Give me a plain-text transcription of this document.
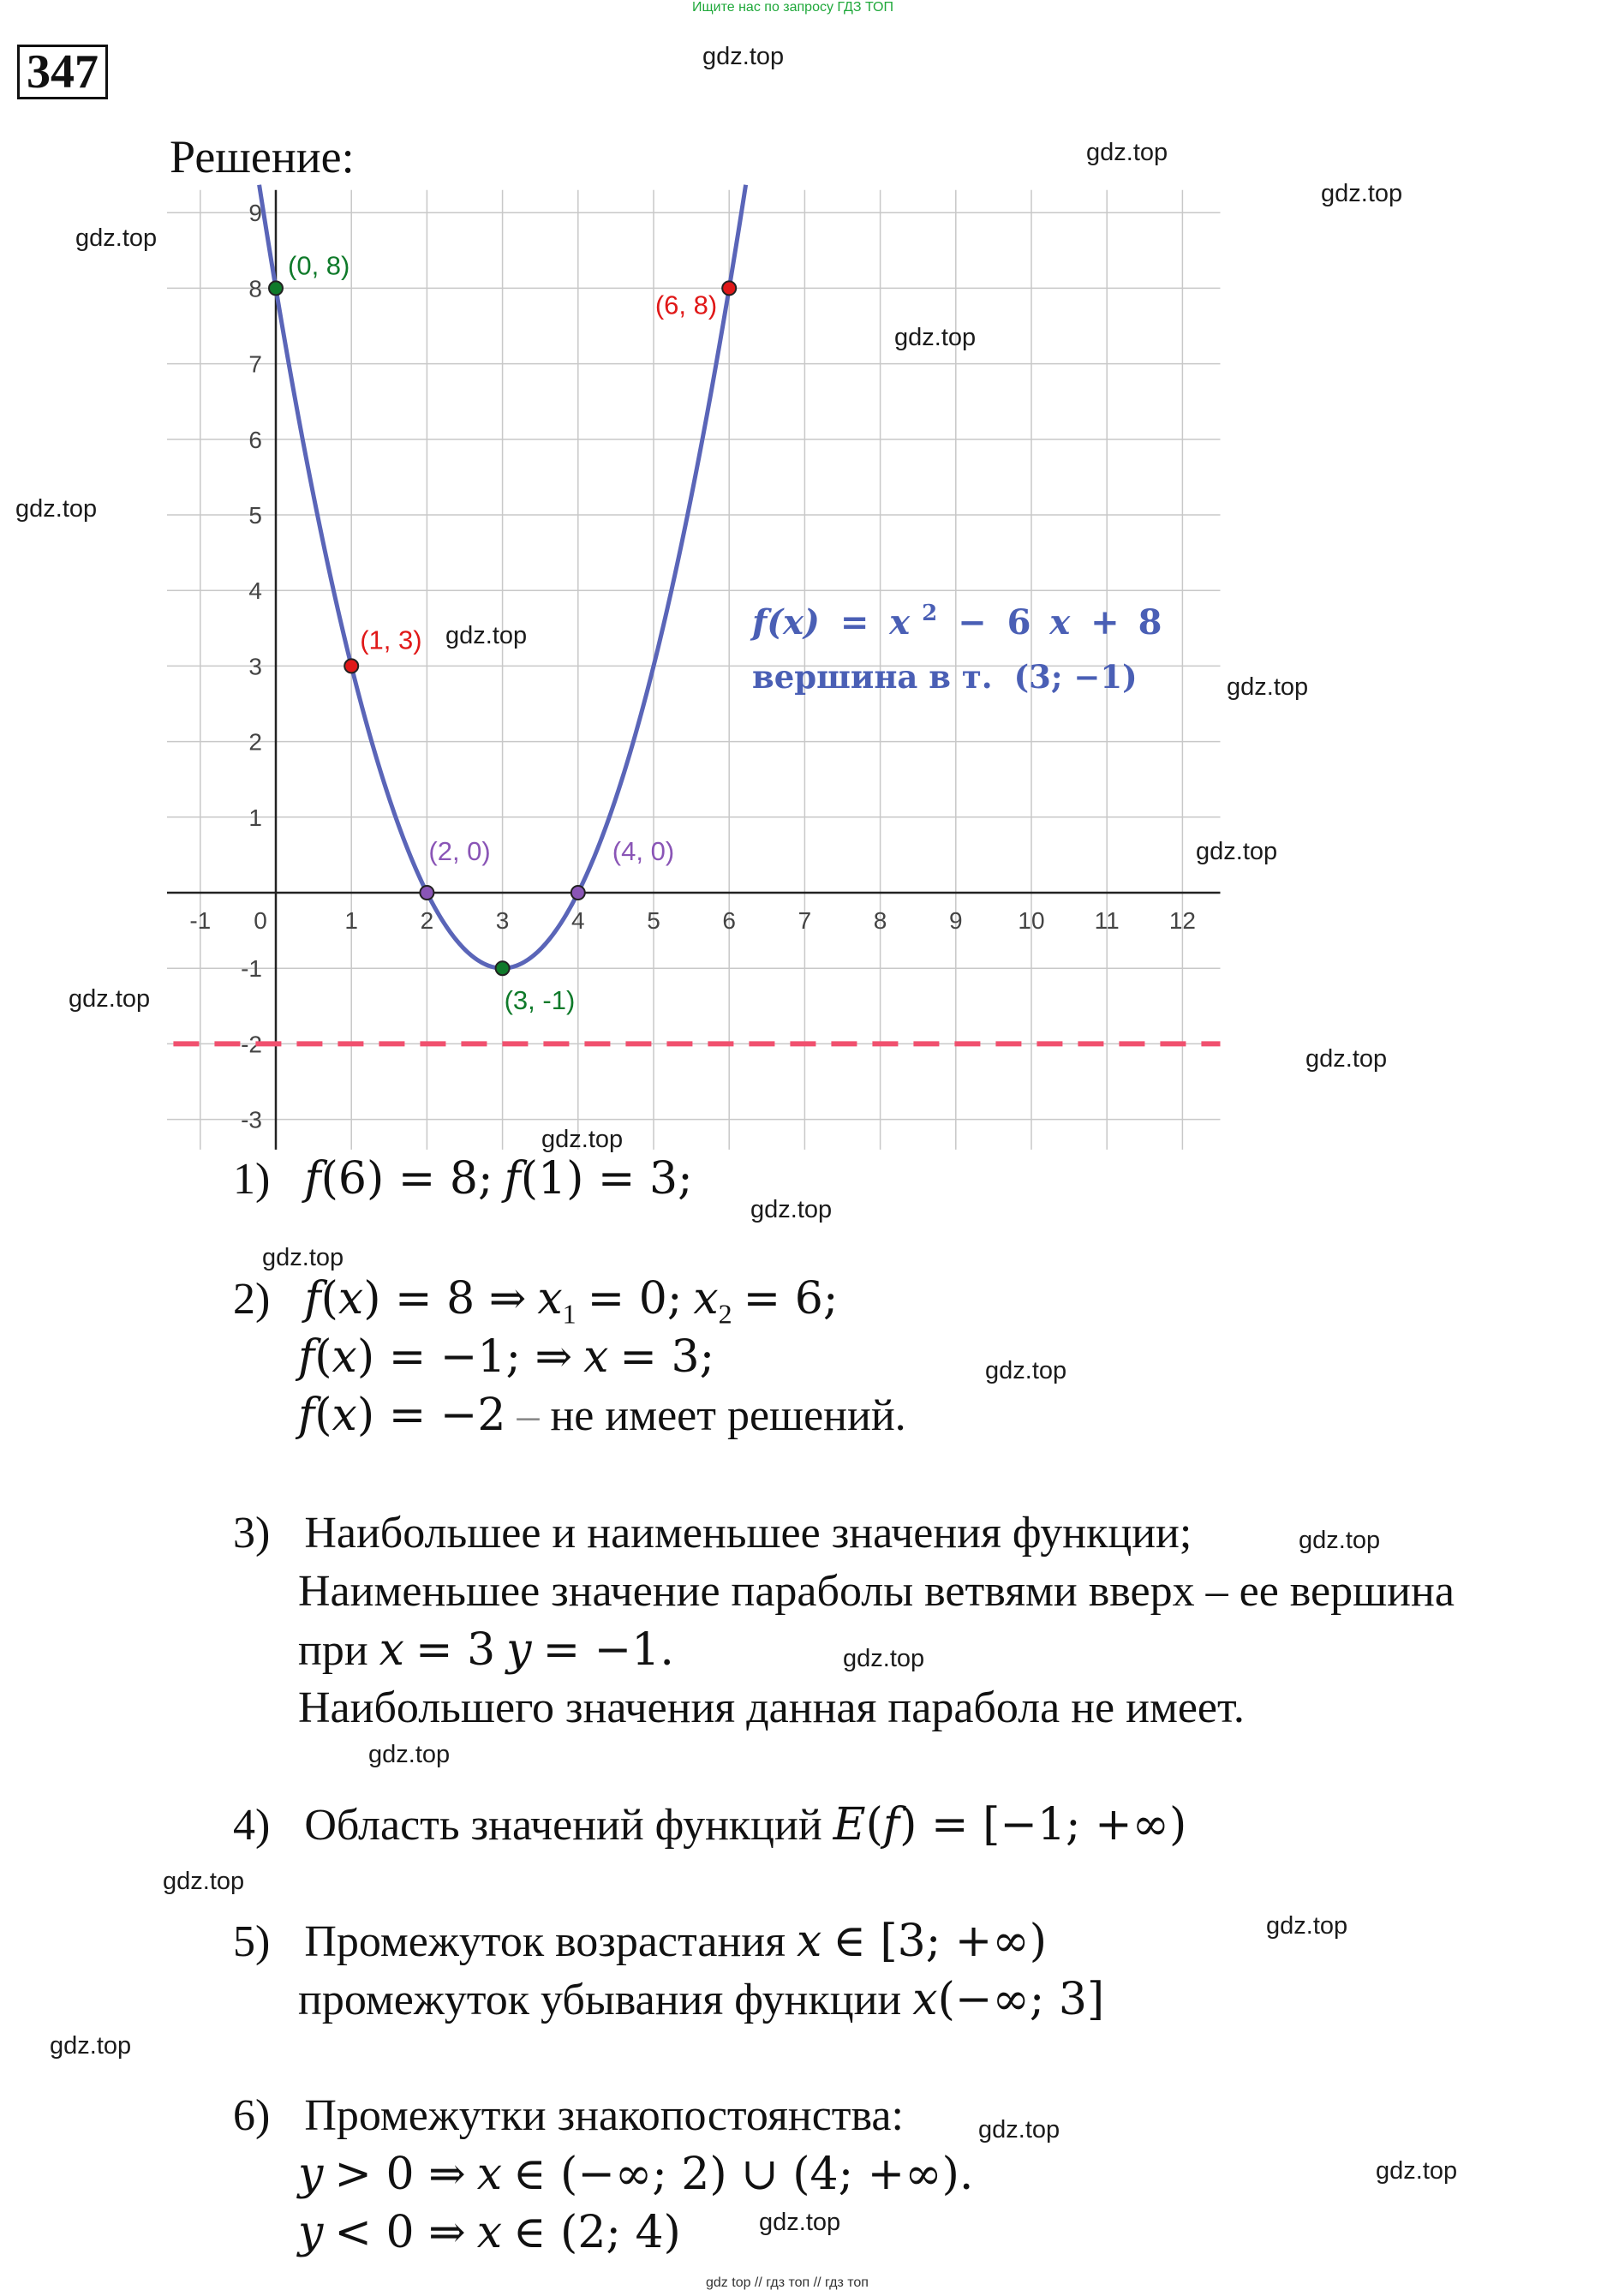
Ищите нас по запросу ГДЗ ТОП
347
Решение:
-1 0	1	2	3	4	5	6	7	8	9 10 11 12
-3
-2
-1
1
2
3
4
5
6
7
8
9
(0, 8)
(6, 8)
(1, 3)
(2, 0)	(4, 0)
(3, -1)
f(x) = x $^2$ − 6 x + 8
вершина в т. (3; −1)
1) f(6) = 8; f(1) = 3;
2) f(x) = 8 ⇒ $x_1 = 0$; $x_2 = 6$;
f(x) = −1; ⇒ x = 3;
f(x) = −2 – не имеет решений.
3) Наибольшее и наименьшее значения функции;
Наименьшее значение параболы ветвями вверх – ее вершина
при x = 3 y = −1.
Наибольшего значения данная парабола не имеет.
4) Область значений функций E(f) = [−1; +∞)
5) Промежуток возрастания x ∈ [3; +∞)
промежуток убывания функции x(−∞; 3]
6) Промежутки знакопостоянства:
y > 0 ⇒ x ∈ (−∞; 2) ∪ (4; +∞).
y < 0 ⇒ x ∈ (2; 4)
gdz.top
gdz.top
gdz.top
gdz.top
gdz.top
gdz.top
gdz.top
gdz.top
gdz.top
gdz.top
gdz.top
gdz.top
gdz.top
gdz.top
gdz.top
gdz.top
gdz.top
gdz.top
gdz.top
gdz.top
gdz.top
gdz.top
gdz.top
gdz.top
gdz top // гдз топ // гдз топ
